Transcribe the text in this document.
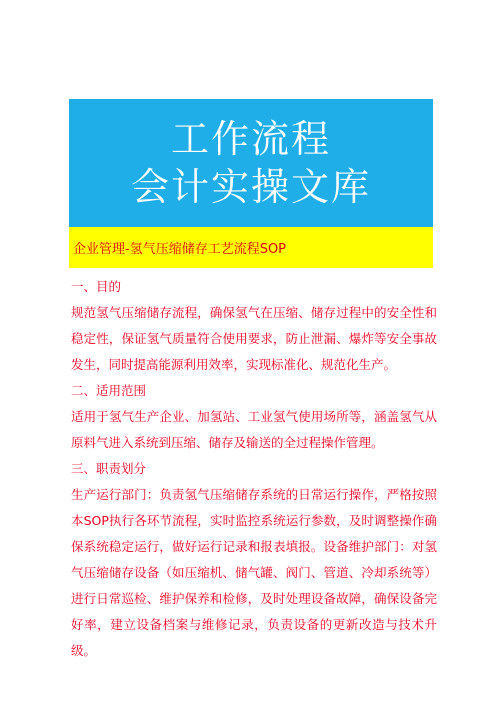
工作流程
会计实操文库
企业管理-氢气压缩储存工艺流程SOP
一、目的
规范氢气压缩储存流程，确保氢气在压缩、储存过程中的安全性和稳定性，保证氢气质量符合使用要求，防止泄漏、爆炸等安全事故发生，同时提高能源利用效率，实现标准化、规范化生产。
二、适用范围
适用于氢气生产企业、加氢站、工业氢气使用场所等，涵盖氢气从原料气进入系统到压缩、储存及输送的全过程操作管理。
三、职责划分
生产运行部门：负责氢气压缩储存系统的日常运行操作，严格按照本SOP执行各环节流程，实时监控系统运行参数，及时调整操作确保系统稳定运行，做好运行记录和报表填报。设备维护部门：对氢气压缩储存设备（如压缩机、储气罐、阀门、管道、冷却系统等）进行日常巡检、维护保养和检修，及时处理设备故障，确保设备完好率，建立设备档案与维修记录，负责设备的更新改造与技术升级。
